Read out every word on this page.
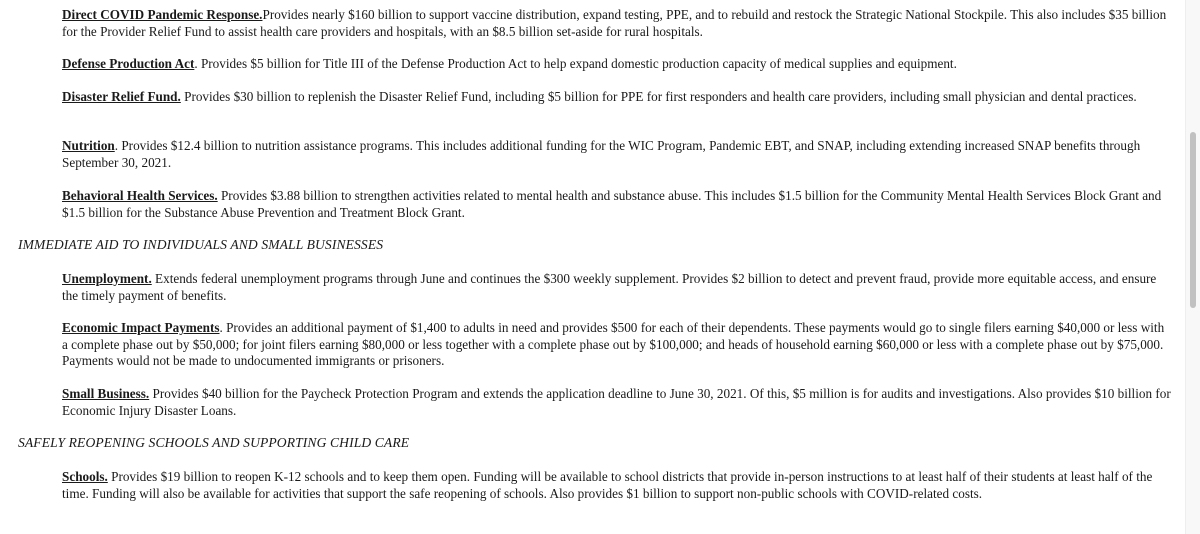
Direct COVID Pandemic Response.Provides nearly $160 billion to support vaccine distribution, expand testing, PPE, and to rebuild and restock the Strategic National Stockpile. This also includes $35 billion for the Provider Relief Fund to assist health care providers and hospitals, with an $8.5 billion set-aside for rural hospitals.

Defense Production Act. Provides $5 billion for Title III of the Defense Production Act to help expand domestic production capacity of medical supplies and equipment.

Disaster Relief Fund. Provides $30 billion to replenish the Disaster Relief Fund, including $5 billion for PPE for first responders and health care providers, including small physician and dental practices.

Nutrition. Provides $12.4 billion to nutrition assistance programs. This includes additional funding for the WIC Program, Pandemic EBT, and SNAP, including extending increased SNAP benefits through September 30, 2021.

Behavioral Health Services. Provides $3.88 billion to strengthen activities related to mental health and substance abuse. This includes $1.5 billion for the Community Mental Health Services Block Grant and $1.5 billion for the Substance Abuse Prevention and Treatment Block Grant.

IMMEDIATE AID TO INDIVIDUALS AND SMALL BUSINESSES

Unemployment. Extends federal unemployment programs through June and continues the $300 weekly supplement. Provides $2 billion to detect and prevent fraud, provide more equitable access, and ensure the timely payment of benefits.

Economic Impact Payments. Provides an additional payment of $1,400 to adults in need and provides $500 for each of their dependents. These payments would go to single filers earning $40,000 or less with a complete phase out by $50,000; for joint filers earning $80,000 or less together with a complete phase out by $100,000; and heads of household earning $60,000 or less with a complete phase out by $75,000. Payments would not be made to undocumented immigrants or prisoners.

Small Business. Provides $40 billion for the Paycheck Protection Program and extends the application deadline to June 30, 2021. Of this, $5 million is for audits and investigations. Also provides $10 billion for Economic Injury Disaster Loans.

SAFELY REOPENING SCHOOLS AND SUPPORTING CHILD CARE

Schools. Provides $19 billion to reopen K-12 schools and to keep them open. Funding will be available to school districts that provide in-person instructions to at least half of their students at least half of the time. Funding will also be available for activities that support the safe reopening of schools. Also provides $1 billion to support non-public schools with COVID-related costs.
